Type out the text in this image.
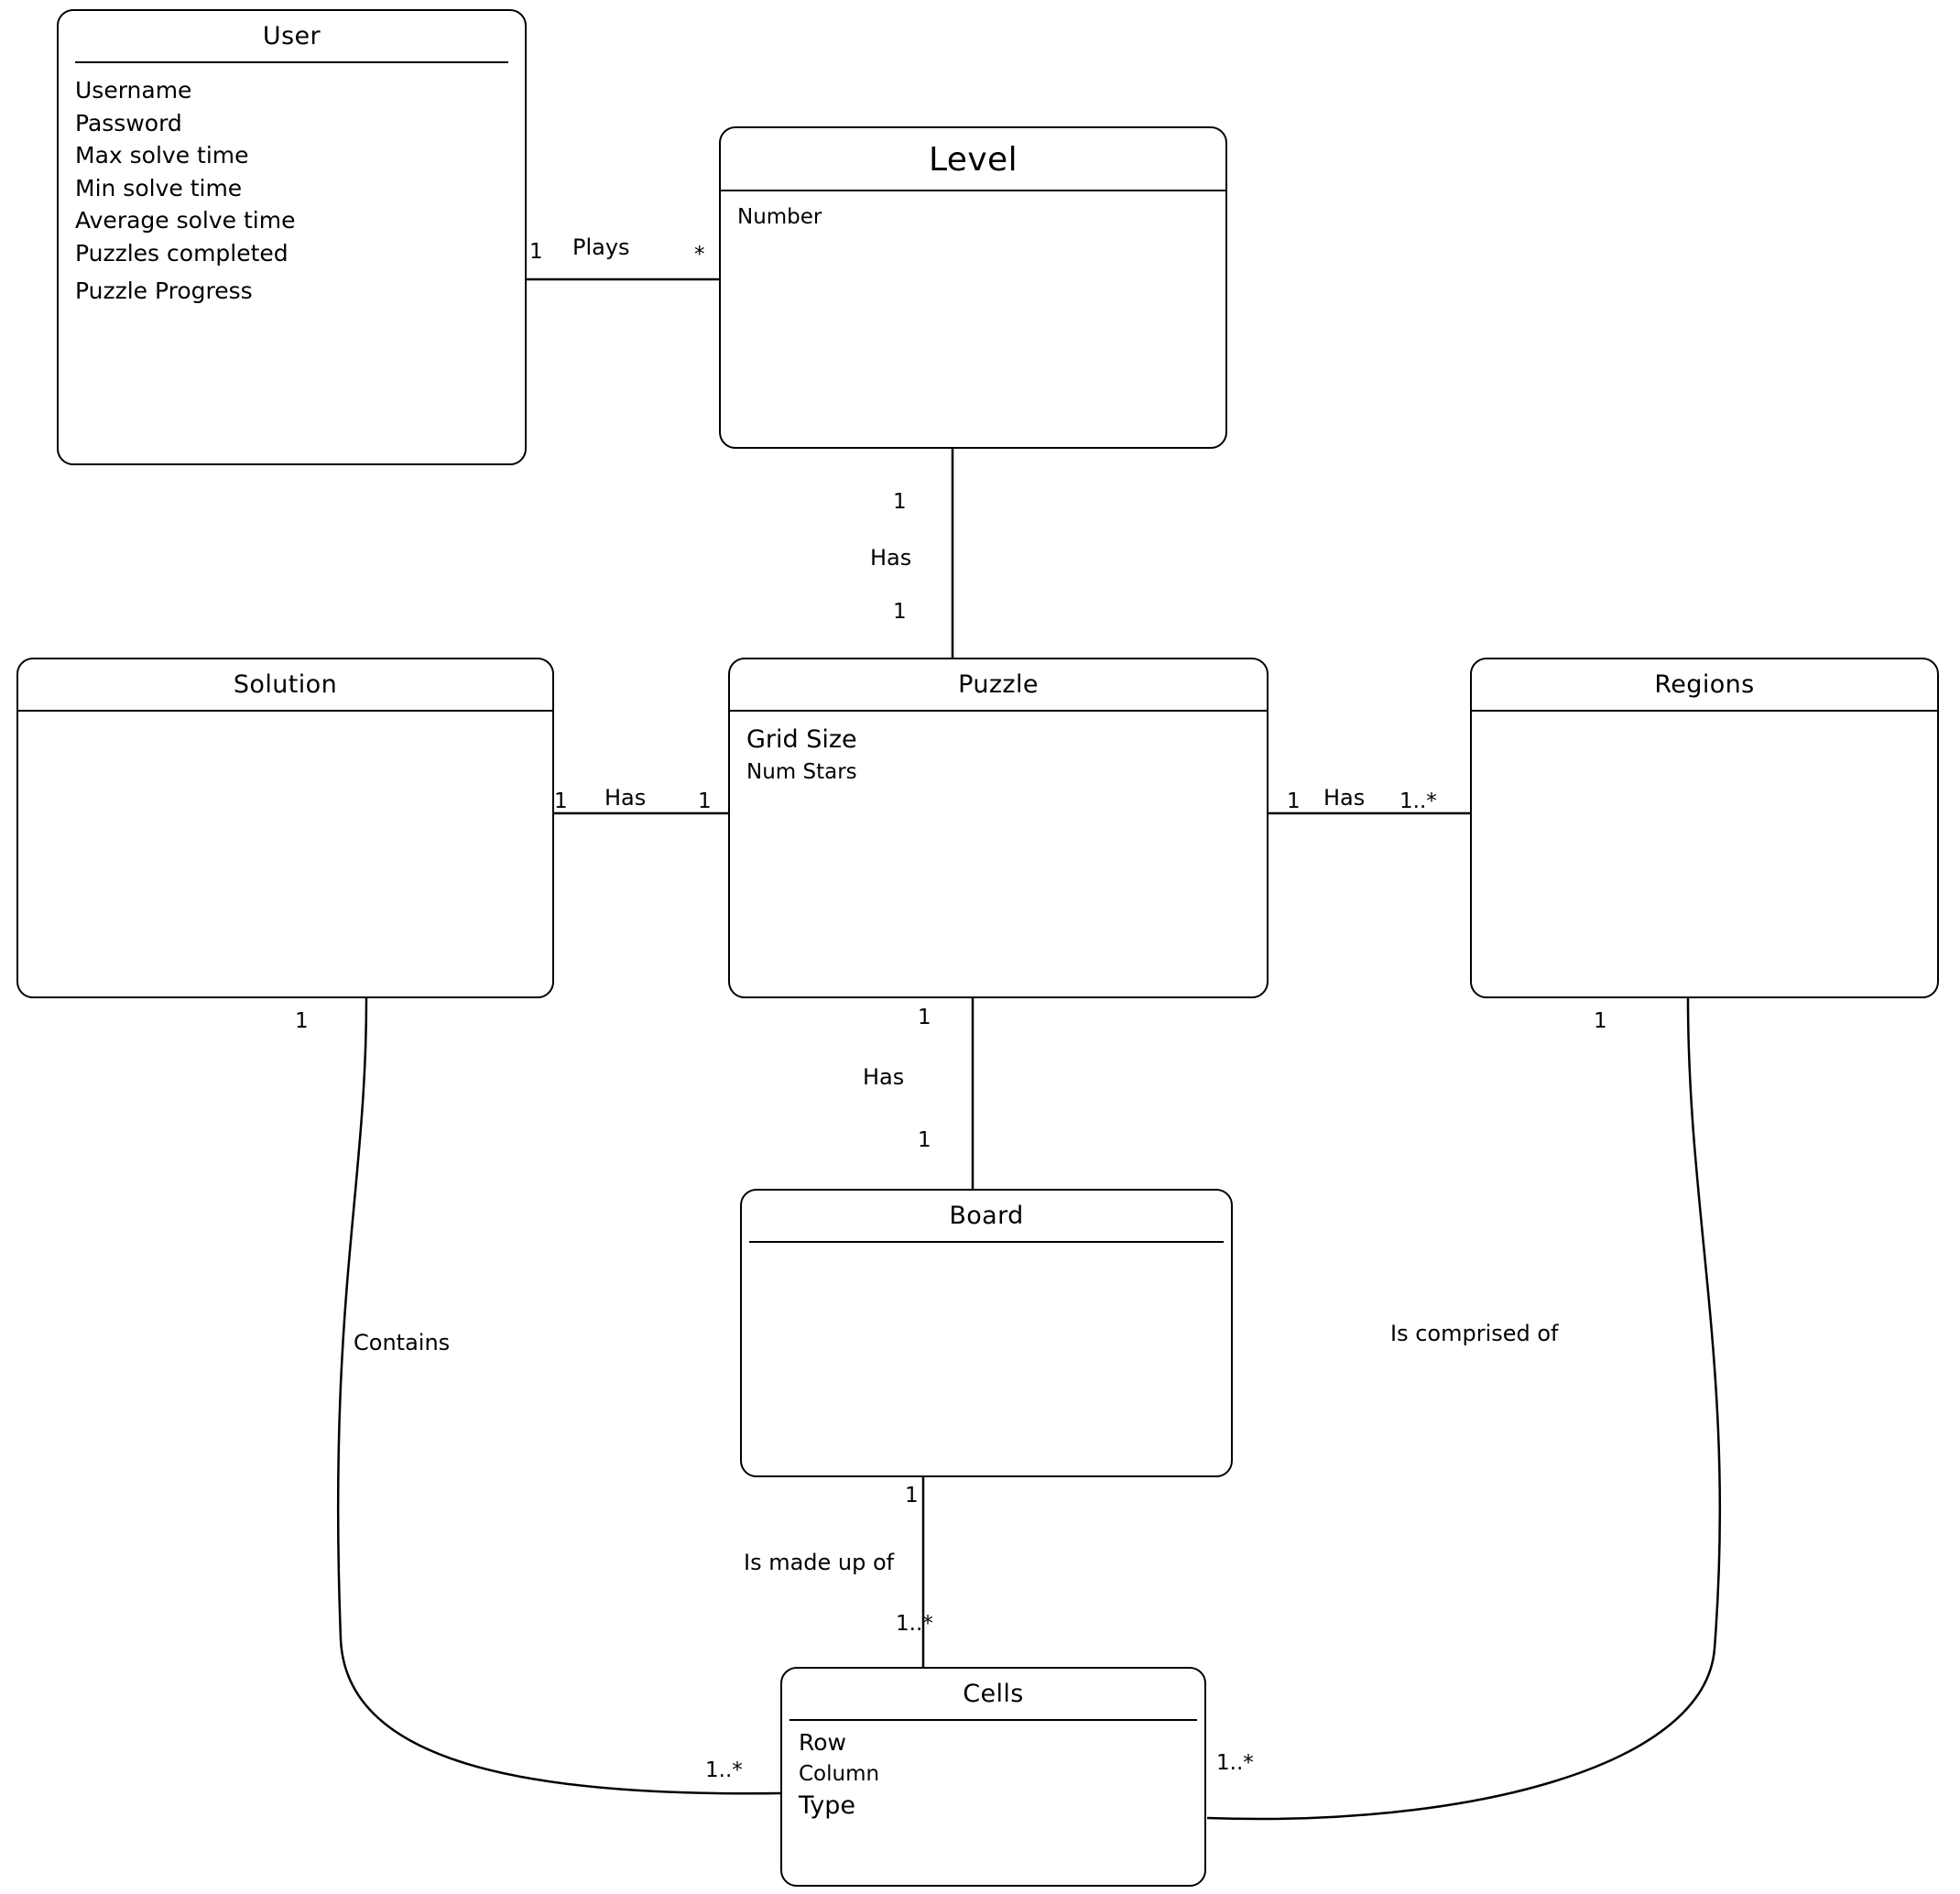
User
Username
Password
Max solve time
Min solve time
Average solve time
Puzzles completed
Puzzle Progress
Level
Number
Solution	Puzzle
Grid Size
Num Stars
Regions
Board
Cells
Row
Column
Type
1 Plays	*
1
Has
1
1 Has 1	1 Has 1..*
1
Has
1
1
Is made up of
1..*
1
Contains
1..*
1
Is comprised of
1..*
